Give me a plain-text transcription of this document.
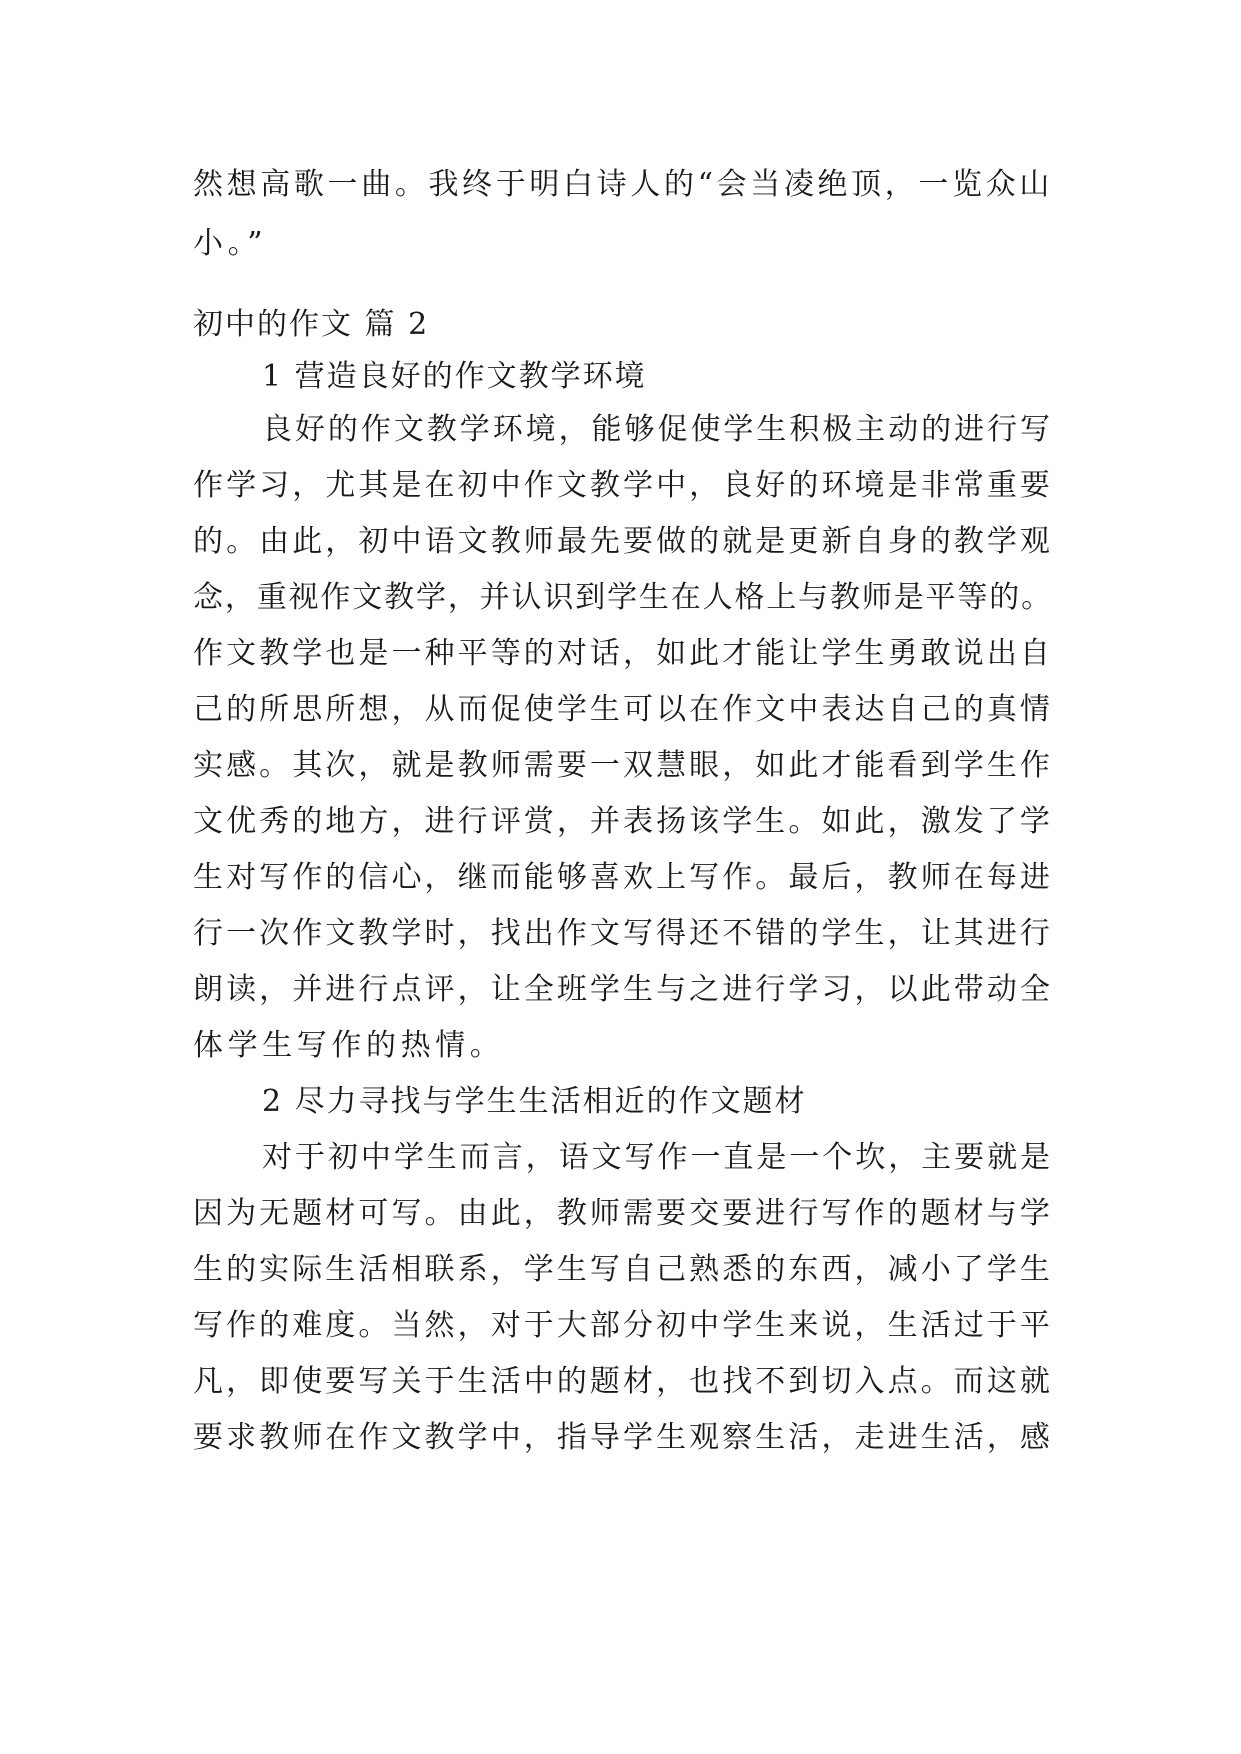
然想高歌一曲。我终于明白诗人的“会当凌绝顶，一览众山
小。”
初中的作文 篇 2
1 营造良好的作文教学环境
良好的作文教学环境，能够促使学生积极主动的进行写
作学习，尤其是在初中作文教学中，良好的环境是非常重要
的。由此，初中语文教师最先要做的就是更新自身的教学观
念，重视作文教学，并认识到学生在人格上与教师是平等的。
作文教学也是一种平等的对话，如此才能让学生勇敢说出自
己的所思所想，从而促使学生可以在作文中表达自己的真情
实感。其次，就是教师需要一双慧眼，如此才能看到学生作
文优秀的地方，进行评赏，并表扬该学生。如此，激发了学
生对写作的信心，继而能够喜欢上写作。最后，教师在每进
行一次作文教学时，找出作文写得还不错的学生，让其进行
朗读，并进行点评，让全班学生与之进行学习，以此带动全
体学生写作的热情。
2 尽力寻找与学生生活相近的作文题材
对于初中学生而言，语文写作一直是一个坎，主要就是
因为无题材可写。由此，教师需要交要进行写作的题材与学
生的实际生活相联系，学生写自己熟悉的东西，减小了学生
写作的难度。当然，对于大部分初中学生来说，生活过于平
凡，即使要写关于生活中的题材，也找不到切入点。而这就
要求教师在作文教学中，指导学生观察生活，走进生活，感
